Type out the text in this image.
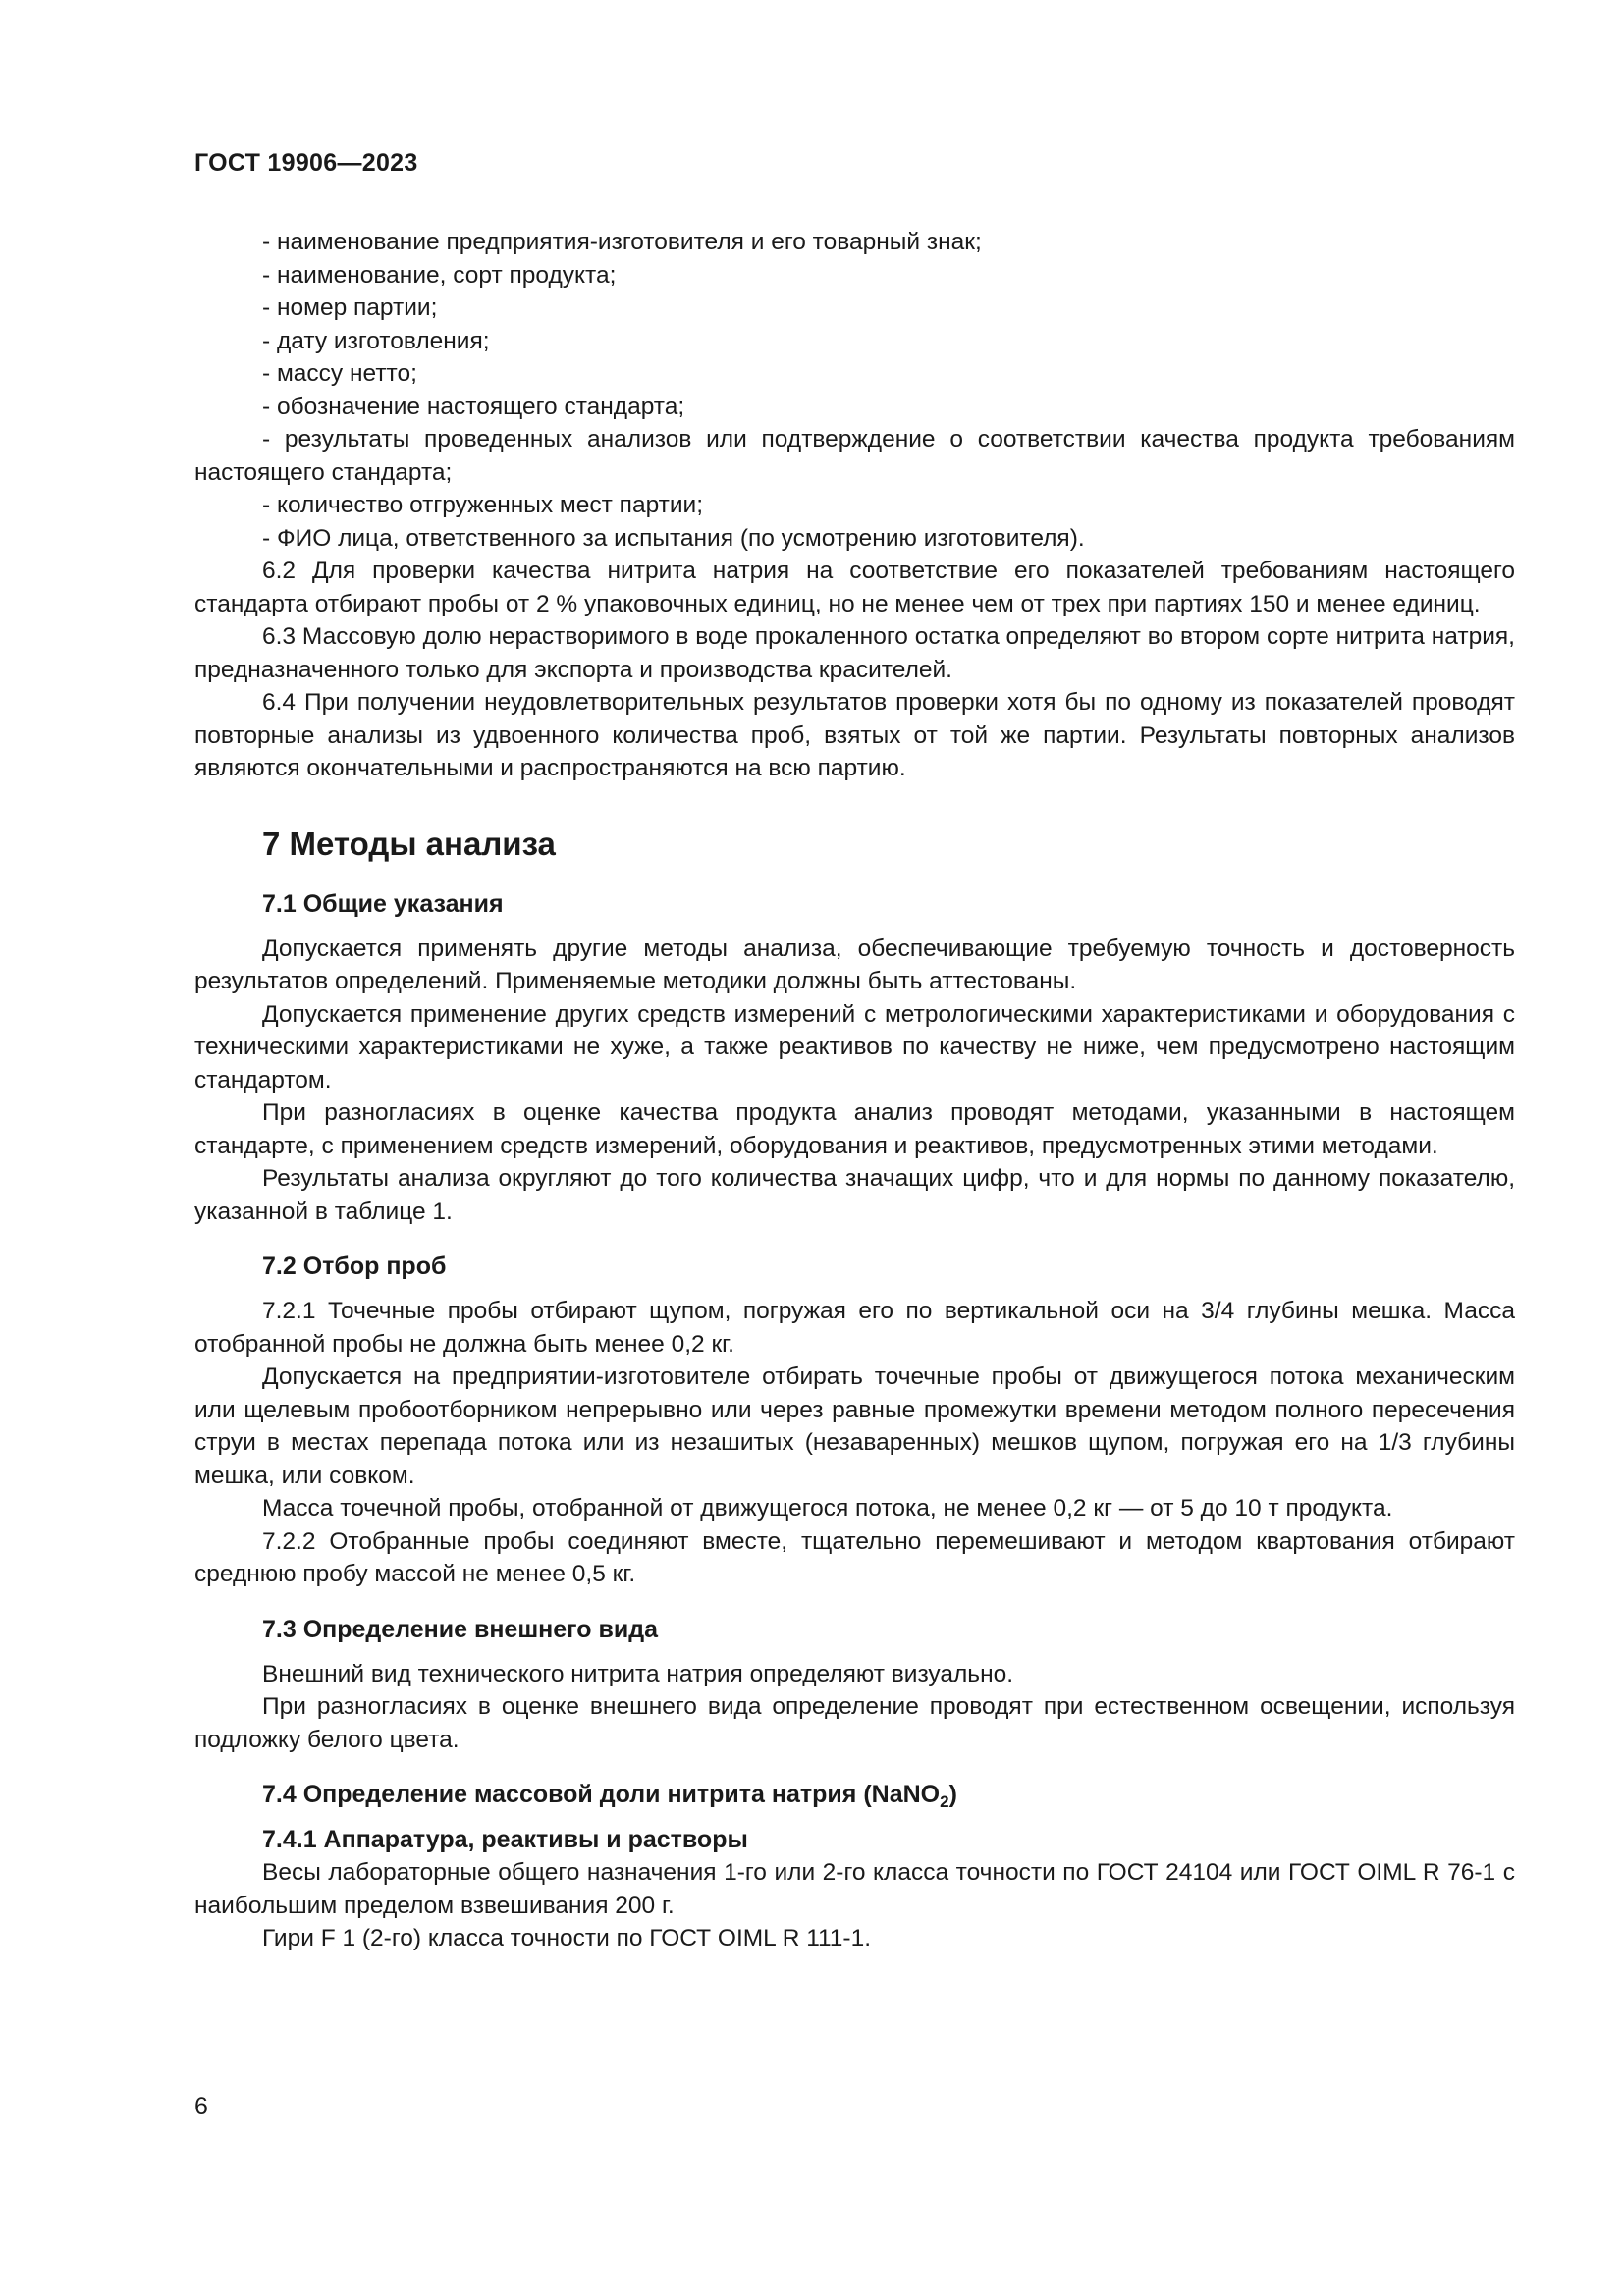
ГОСТ 19906—2023

- наименование предприятия-изготовителя и его товарный знак;

- наименование, сорт продукта;

- номер партии;

- дату изготовления;

- массу нетто;

- обозначение настоящего стандарта;

- результаты проведенных анализов или подтверждение о соответствии качества продукта требованиям настоящего стандарта;

- количество отгруженных мест партии;

- ФИО лица, ответственного за испытания (по усмотрению изготовителя).

6.2 Для проверки качества нитрита натрия на соответствие его показателей требованиям настоящего стандарта отбирают пробы от 2 % упаковочных единиц, но не менее чем от трех при партиях 150 и менее единиц.

6.3 Массовую долю нерастворимого в воде прокаленного остатка определяют во втором сорте нитрита натрия, предназначенного только для экспорта и производства красителей.

6.4 При получении неудовлетворительных результатов проверки хотя бы по одному из показателей проводят повторные анализы из удвоенного количества проб, взятых от той же партии. Результаты повторных анализов являются окончательными и распространяются на всю партию.

7 Методы анализа
7.1 Общие указания

Допускается применять другие методы анализа, обеспечивающие требуемую точность и достоверность результатов определений. Применяемые методики должны быть аттестованы.

Допускается применение других средств измерений с метрологическими характеристиками и оборудования с техническими характеристиками не хуже, а также реактивов по качеству не ниже, чем предусмотрено настоящим стандартом.

При разногласиях в оценке качества продукта анализ проводят методами, указанными в настоящем стандарте, с применением средств измерений, оборудования и реактивов, предусмотренных этими методами.

Результаты анализа округляют до того количества значащих цифр, что и для нормы по данному показателю, указанной в таблице 1.

7.2 Отбор проб

7.2.1 Точечные пробы отбирают щупом, погружая его по вертикальной оси на 3/4 глубины мешка. Масса отобранной пробы не должна быть менее 0,2 кг.

Допускается на предприятии-изготовителе отбирать точечные пробы от движущегося потока механическим или щелевым пробоотборником непрерывно или через равные промежутки времени методом полного пересечения струи в местах перепада потока или из незашитых (незаваренных) мешков щупом, погружая его на 1/3 глубины мешка, или совком.

Масса точечной пробы, отобранной от движущегося потока, не менее 0,2 кг — от 5 до 10 т продукта.

7.2.2 Отобранные пробы соединяют вместе, тщательно перемешивают и методом квартования отбирают среднюю пробу массой не менее 0,5 кг.

7.3 Определение внешнего вида

Внешний вид технического нитрита натрия определяют визуально.

При разногласиях в оценке внешнего вида определение проводят при естественном освещении, используя подложку белого цвета.

7.4 Определение массовой доли нитрита натрия (NaNO$_2$)
7.4.1 Аппаратура, реактивы и растворы

Весы лабораторные общего назначения 1-го или 2-го класса точности по ГОСТ 24104 или ГОСТ OIML R 76-1 с наибольшим пределом взвешивания 200 г.

Гири F 1 (2-го) класса точности по ГОСТ OIML R 111-1.

6
